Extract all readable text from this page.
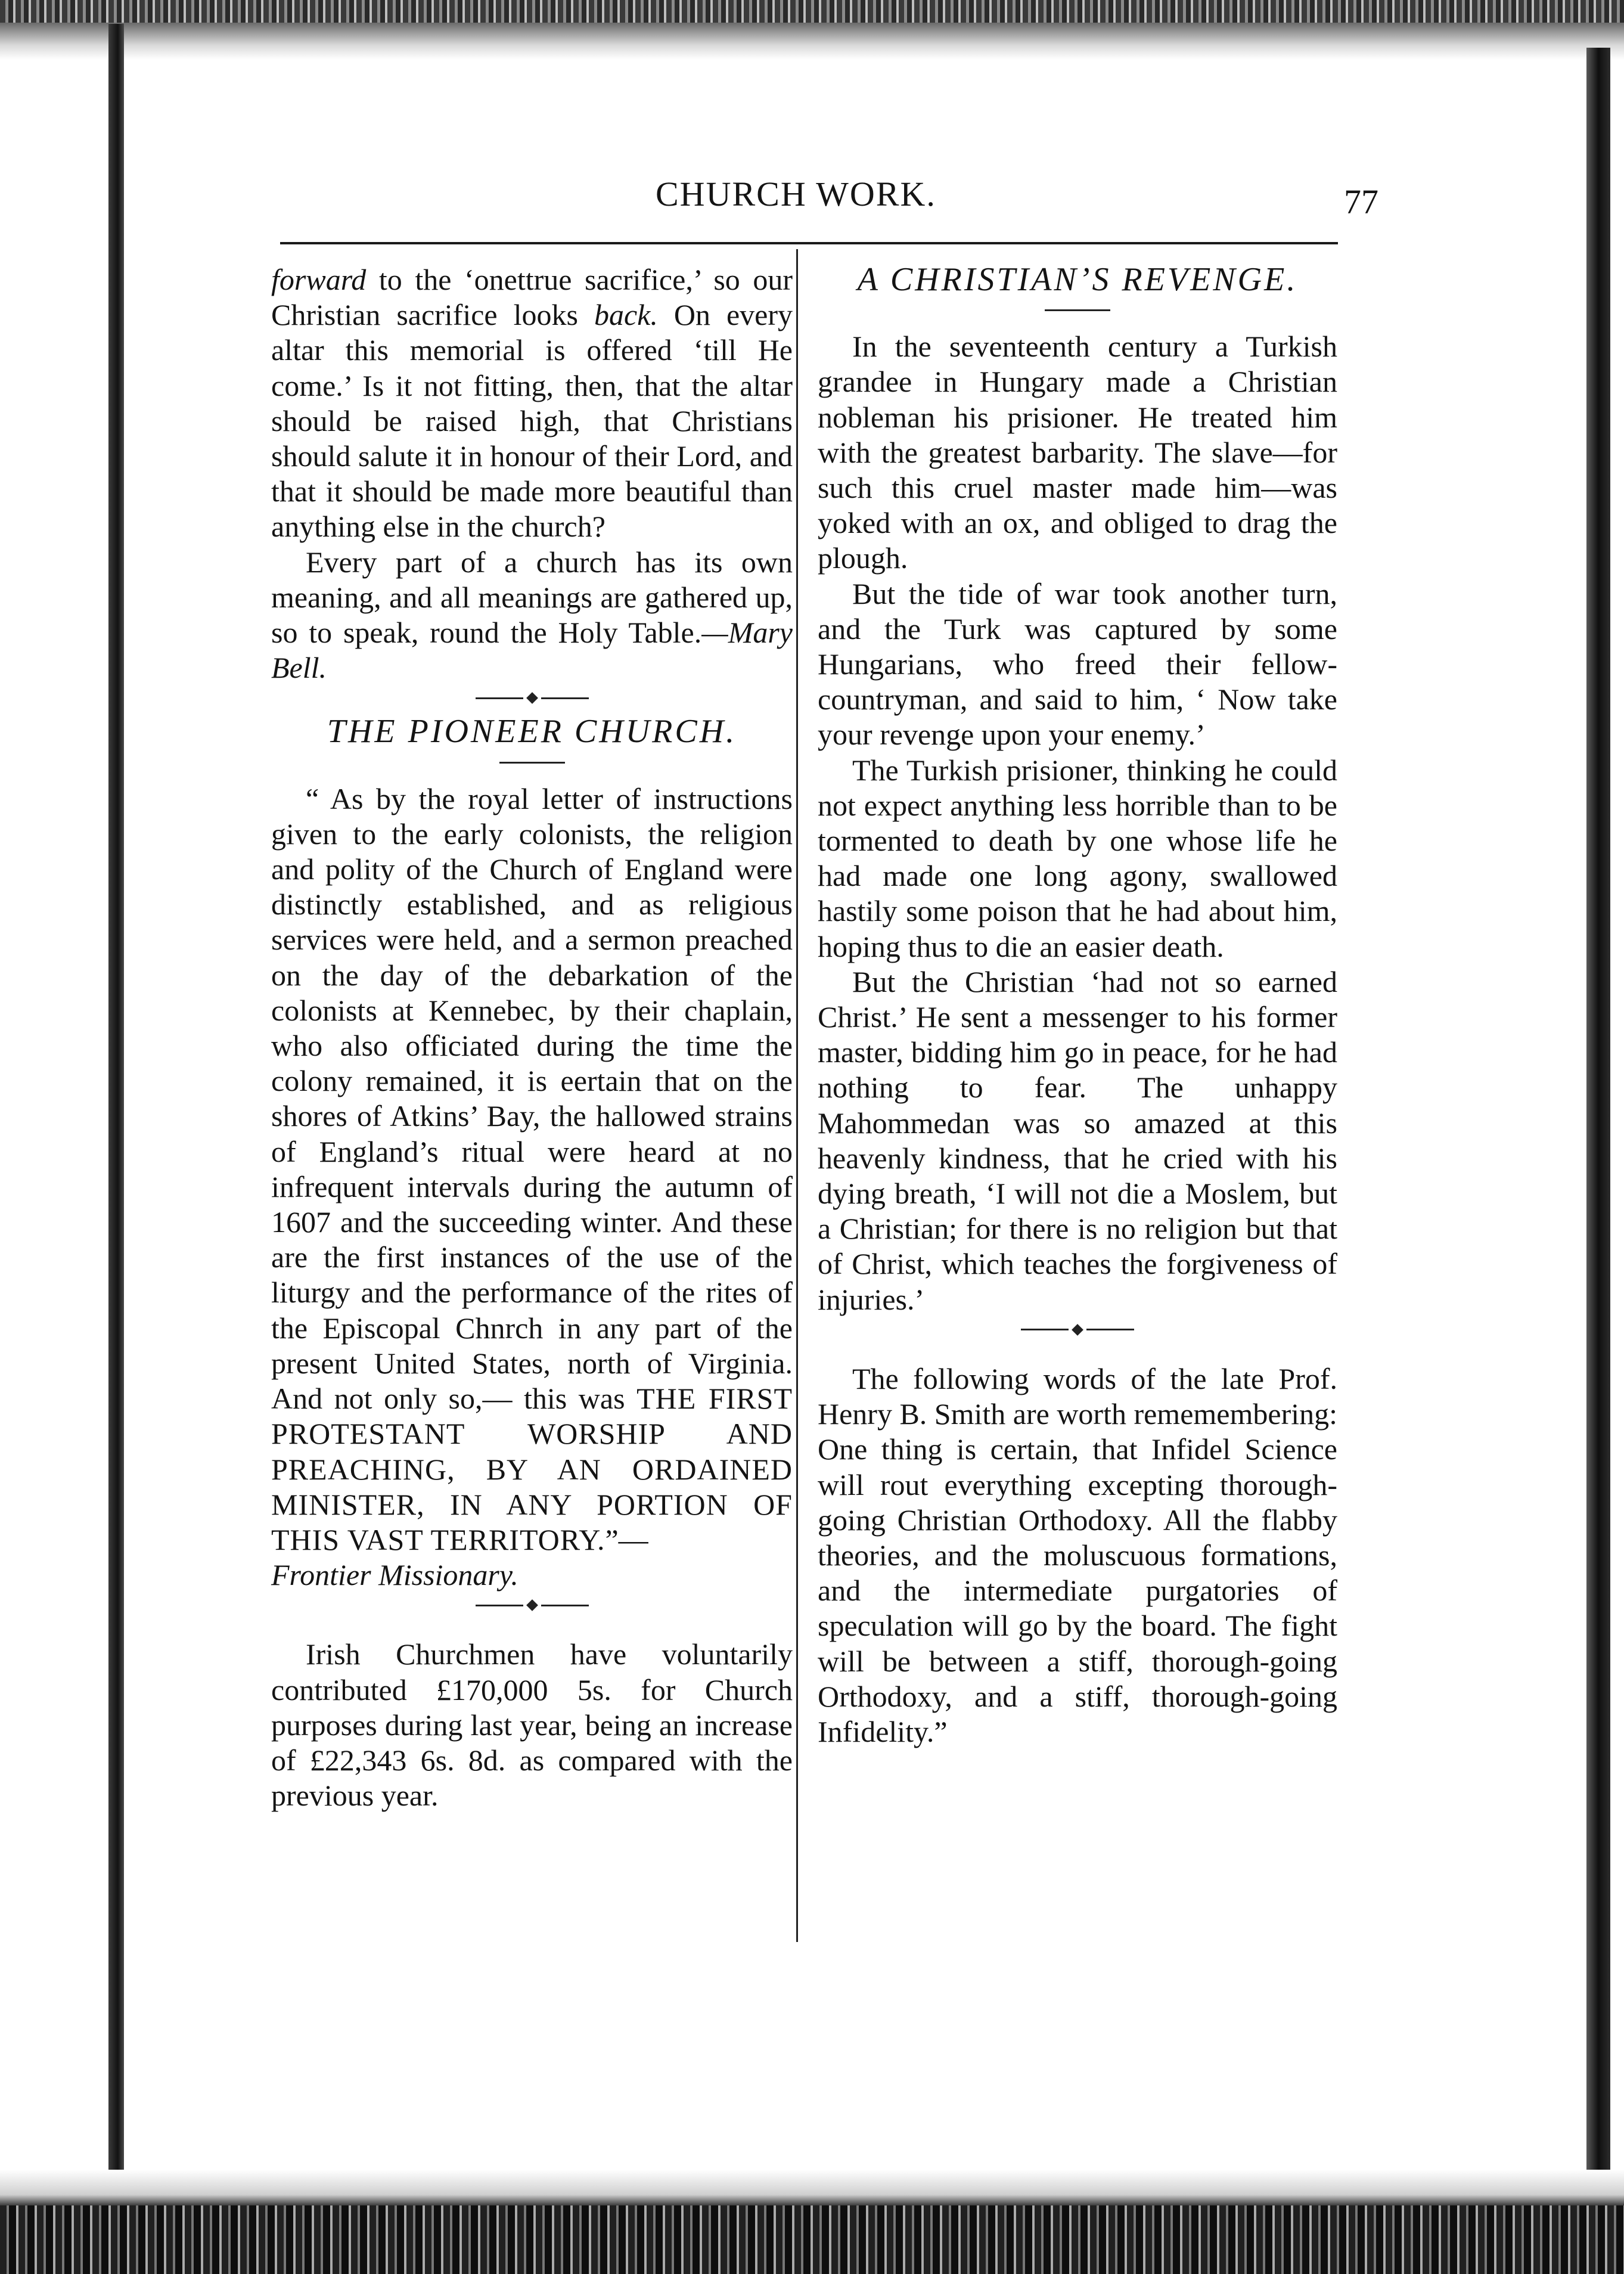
CHURCH WORK.	77

forward to the ‘onettrue sacrifice,’ so our Christian sacrifice looks back. On every altar this memorial is offered ‘till He come.’ Is it not fitting, then, that the altar should be raised high, that Christians should salute it in honour of their Lord, and that it should be made more beautiful than anything else in the church?

Every part of a church has its own meaning, and all meanings are gathered up, so to speak, round the Holy Table.—Mary Bell.

THE PIONEER CHURCH.

“ As by the royal letter of instructions given to the early colonists, the religion and polity of the Church of England were distinctly established, and as religious services were held, and a sermon preached on the day of the debarkation of the colonists at Kennebec, by their chaplain, who also officiated during the time the colony remained, it is eertain that on the shores of Atkins’ Bay, the hallowed strains of England’s ritual were heard at no infrequent intervals during the autumn of 1607 and the succeeding winter. And these are the first instances of the use of the liturgy and the performance of the rites of the Episcopal Chnrch in any part of the present United States, north of Virginia. And not only so,— this was THE FIRST PROTESTANT WORSHIP AND PREACHING, BY AN ORDAINED MINISTER, IN ANY PORTION OF THIS VAST TERRITORY.”—
Frontier Missionary.

Irish Churchmen have voluntarily contributed £170,000 5s. for Church purposes during last year, being an increase of £22,343 6s. 8d. as compared with the previous year.

A CHRISTIAN’S REVENGE.

In the seventeenth century a Turkish grandee in Hungary made a Christian nobleman his prisioner. He treated him with the greatest barbarity. The slave—for such this cruel master made him—was yoked with an ox, and obliged to drag the plough.

But the tide of war took another turn, and the Turk was captured by some Hungarians, who freed their fellow-countryman, and said to him, ‘ Now take your revenge upon your enemy.’

The Turkish prisioner, thinking he could not expect anything less horrible than to be tormented to death by one whose life he had made one long agony, swallowed hastily some poison that he had about him, hoping thus to die an easier death.

But the Christian ‘had not so earned Christ.’ He sent a messenger to his former master, bidding him go in peace, for he had nothing to fear. The unhappy Mahommedan was so amazed at this heavenly kindness, that he cried with his dying breath, ‘I will not die a Moslem, but a Christian; for there is no religion but that of Christ, which teaches the forgiveness of injuries.’

The following words of the late Prof. Henry B. Smith are worth rememembering: One thing is certain, that Infidel Science will rout everything excepting thorough-going Christian Orthodoxy. All the flabby theories, and the moluscuous formations, and the intermediate purgatories of speculation will go by the board. The fight will be between a stiff, thorough-going Orthodoxy, and a stiff, thorough-going Infidelity.”
